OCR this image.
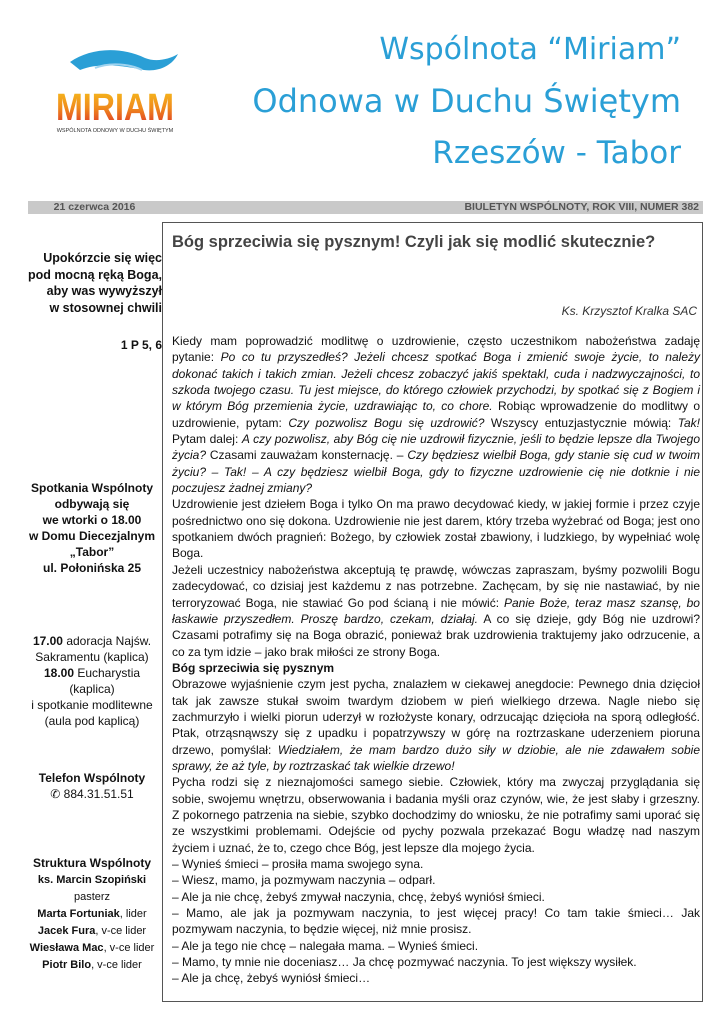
MIRIAM
WSPÓLNOTA ODNOWY W DUCHU ŚWIĘTYM
Wspólnota “Miriam”
Odnowa w Duchu Świętym
Rzeszów - Tabor
21 czerwca 2016	BIULETYN WSPÓLNOTY, ROK VIII, NUMER 382
Upokórzcie się więc
pod mocną ręką Boga,
aby was wywyższył
w stosownej chwili
1 P 5, 6
Spotkania Wspólnoty
odbywają się
we wtorki o 18.00
w Domu Diecezjalnym
„Tabor”
ul. Połonińska 25
17.00 adoracja Najśw.
Sakramentu (kaplica)
18.00 Eucharystia (kaplica)
i spotkanie modlitewne
(aula pod kaplicą)
Telefon Wspólnoty
✆ 884.31.51.51
Struktura Wspólnoty
ks. Marcin Szopiński
pasterz
Marta Fortuniak, lider
Jacek Fura, v-ce lider
Wiesława Mac, v-ce lider
Piotr Bilo, v-ce lider
Bóg sprzeciwia się pysznym! Czyli jak się modlić skutecznie?
Ks. Krzysztof Kralka SAC

Kiedy mam poprowadzić modlitwę o uzdrowienie, często uczestnikom nabożeństwa zadaję pytanie: Po co tu przyszedłeś? Jeżeli chcesz spotkać Boga i zmienić swoje życie, to należy dokonać takich i takich zmian. Jeżeli chcesz zobaczyć jakiś spektakl, cuda i nadzwyczajności, to szkoda twojego czasu. Tu jest miejsce, do którego człowiek przychodzi, by spotkać się z Bogiem i w którym Bóg przemienia życie, uzdrawiając to, co chore. Robiąc wprowadzenie do modlitwy o uzdrowienie, pytam: Czy pozwolisz Bogu się uzdrowić? Wszyscy entuzjastycznie mówią: Tak! Pytam dalej: A czy pozwolisz, aby Bóg cię nie uzdrowił fizycznie, jeśli to będzie lepsze dla Twojego życia? Czasami zauważam konsternację. – Czy będziesz wielbił Boga, gdy stanie się cud w twoim życiu? – Tak! – A czy będziesz wielbił Boga, gdy to fizyczne uzdrowienie cię nie dotknie i nie poczujesz żadnej zmiany?

Uzdrowienie jest dziełem Boga i tylko On ma prawo decydować kiedy, w jakiej formie i przez czyje pośrednictwo ono się dokona. Uzdrowienie nie jest darem, który trzeba wyżebrać od Boga; jest ono spotkaniem dwóch pragnień: Bożego, by człowiek został zbawiony, i ludzkiego, by wypełniać wolę Boga.

Jeżeli uczestnicy nabożeństwa akceptują tę prawdę, wówczas zapraszam, byśmy pozwolili Bogu zadecydować, co dzisiaj jest każdemu z nas potrzebne. Zachęcam, by się nie nastawiać, by nie terroryzować Boga, nie stawiać Go pod ścianą i nie mówić: Panie Boże, teraz masz szansę, bo łaskawie przyszedłem. Proszę bardzo, czekam, działaj. A co się dzieje, gdy Bóg nie uzdrowi? Czasami potrafimy się na Boga obrazić, ponieważ brak uzdrowienia traktujemy jako odrzucenie, a co za tym idzie – jako brak miłości ze strony Boga.

Bóg sprzeciwia się pysznym

Obrazowe wyjaśnienie czym jest pycha, znalazłem w ciekawej anegdocie: Pewnego dnia dzięcioł tak jak zawsze stukał swoim twardym dziobem w pień wielkiego drzewa. Nagle niebo się zachmurzyło i wielki piorun uderzył w rozłożyste konary, odrzucając dzięcioła na sporą odległość. Ptak, otrząsnąwszy się z upadku i popatrzywszy w górę na roztrzaskane uderzeniem pioruna drzewo, pomyślał: Wiedziałem, że mam bardzo dużo siły w dziobie, ale nie zdawałem sobie sprawy, że aż tyle, by roztrzaskać tak wielkie drzewo!

Pycha rodzi się z nieznajomości samego siebie. Człowiek, który ma zwyczaj przyglądania się sobie, swojemu wnętrzu, obserwowania i badania myśli oraz czynów, wie, że jest słaby i grzeszny. Z pokornego patrzenia na siebie, szybko dochodzimy do wniosku, że nie potrafimy sami uporać się ze wszystkimi problemami. Odejście od pychy pozwala przekazać Bogu władzę nad naszym życiem i uznać, że to, czego chce Bóg, jest lepsze dla mojego życia.

– Wynieś śmieci – prosiła mama swojego syna.

– Wiesz, mamo, ja pozmywam naczynia – odparł.

– Ale ja nie chcę, żebyś zmywał naczynia, chcę, żebyś wyniósł śmieci.

– Mamo, ale jak ja pozmywam naczynia, to jest więcej pracy! Co tam takie śmieci… Jak pozmywam naczynia, to będzie więcej, niż mnie prosisz.

– Ale ja tego nie chcę – nalegała mama. – Wynieś śmieci.

– Mamo, ty mnie nie doceniasz… Ja chcę pozmywać naczynia. To jest większy wysiłek.

– Ale ja chcę, żebyś wyniósł śmieci…
